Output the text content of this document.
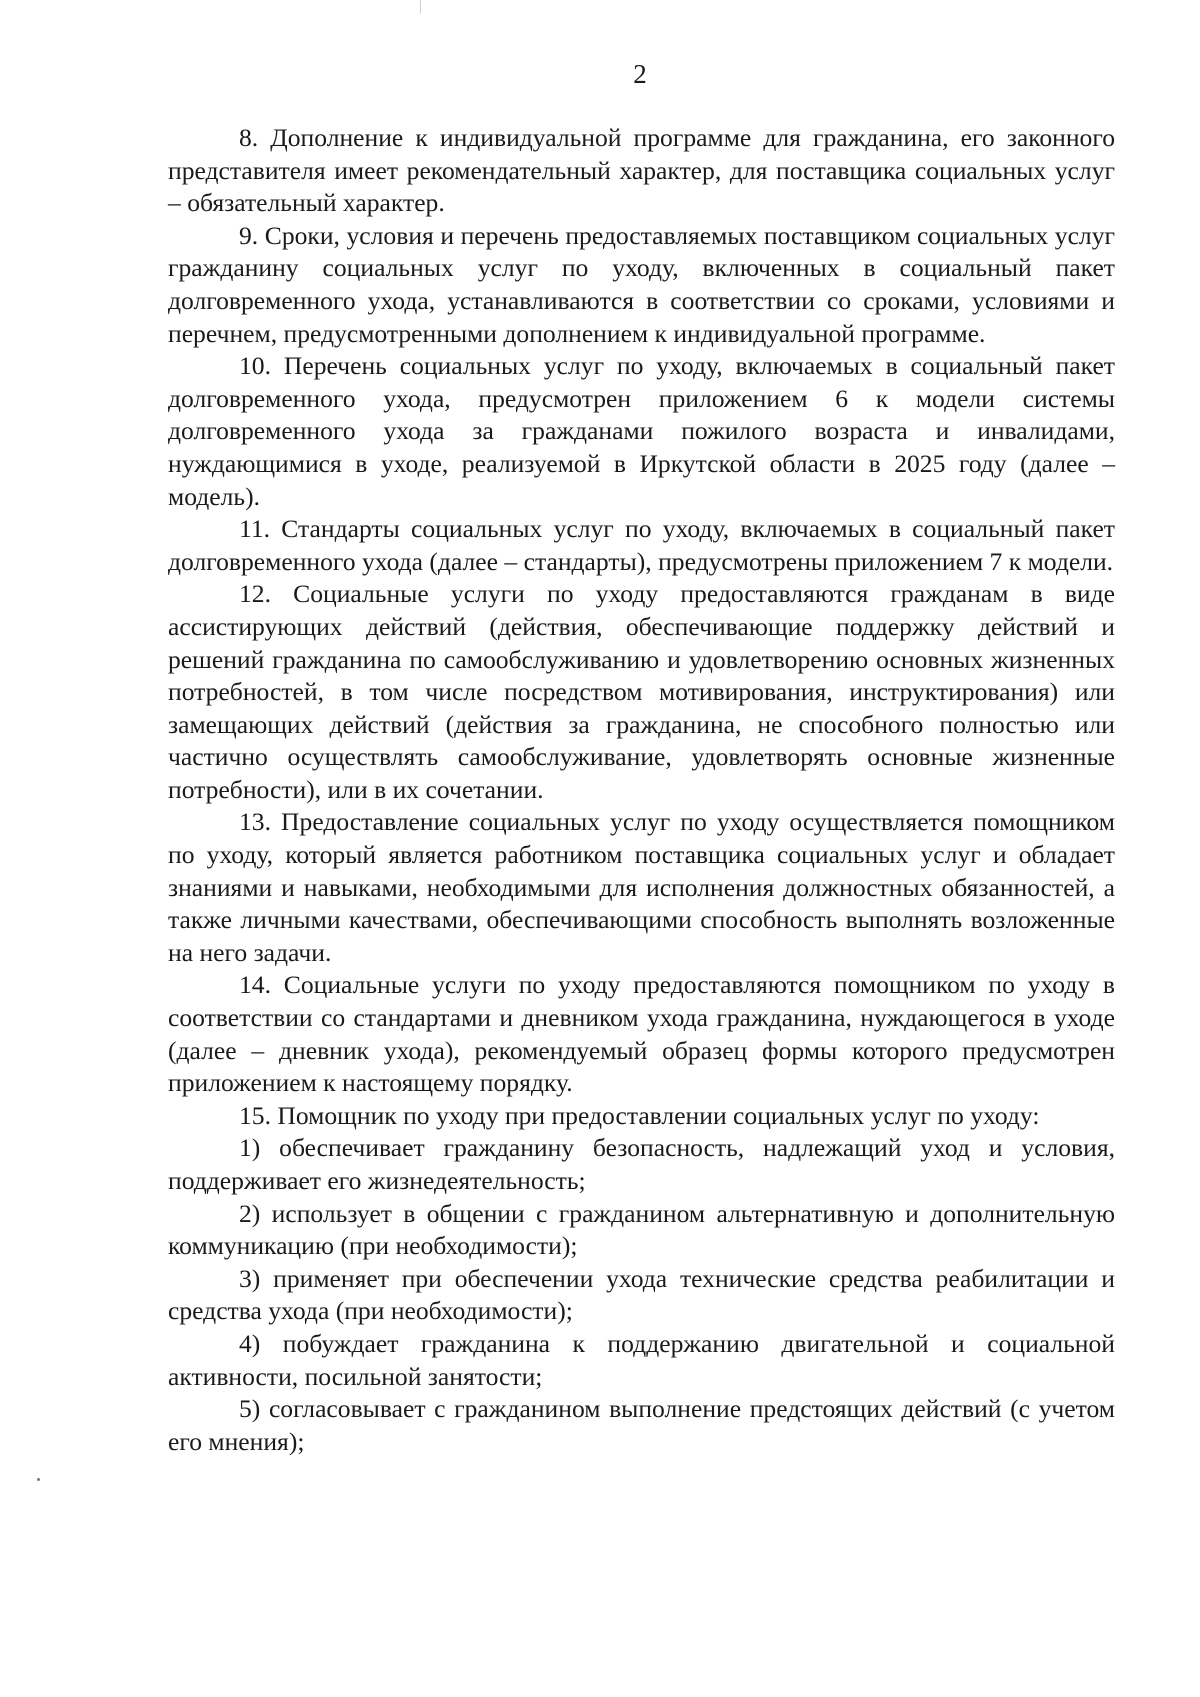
2

8. Дополнение к индивидуальной программе для гражданина, его законного представителя имеет рекомендательный характер, для поставщика социальных услуг – обязательный характер.

9. Сроки, условия и перечень предоставляемых поставщиком социальных услуг гражданину социальных услуг по уходу, включенных в социальный пакет долговременного ухода, устанавливаются в соответствии со сроками, условиями и перечнем, предусмотренными дополнением к индивидуальной программе.

10. Перечень социальных услуг по уходу, включаемых в социальный пакет долговременного ухода, предусмотрен приложением 6 к модели системы долговременного ухода за гражданами пожилого возраста и инвалидами, нуждающимися в уходе, реализуемой в Иркутской области в 2025 году (далее – модель).

11. Стандарты социальных услуг по уходу, включаемых в социальный пакет долговременного ухода (далее – стандарты), предусмотрены приложением 7 к модели.

12. Социальные услуги по уходу предоставляются гражданам в виде ассистирующих действий (действия, обеспечивающие поддержку действий и решений гражданина по самообслуживанию и удовлетворению основных жизненных потребностей, в том числе посредством мотивирования, инструктирования) или замещающих действий (действия за гражданина, не способного полностью или частично осуществлять самообслуживание, удовлетворять основные жизненные потребности), или в их сочетании.

13. Предоставление социальных услуг по уходу осуществляется помощником по уходу, который является работником поставщика социальных услуг и обладает знаниями и навыками, необходимыми для исполнения должностных обязанностей, а также личными качествами, обеспечивающими способность выполнять возложенные на него задачи.

14. Социальные услуги по уходу предоставляются помощником по уходу в соответствии со стандартами и дневником ухода гражданина, нуждающегося в уходе (далее – дневник ухода), рекомендуемый образец формы которого предусмотрен приложением к настоящему порядку.

15. Помощник по уходу при предоставлении социальных услуг по уходу:

1) обеспечивает гражданину безопасность, надлежащий уход и условия, поддерживает его жизнедеятельность;

2) использует в общении с гражданином альтернативную и дополнительную коммуникацию (при необходимости);

3) применяет при обеспечении ухода технические средства реабилитации и средства ухода (при необходимости);

4) побуждает гражданина к поддержанию двигательной и социальной активности, посильной занятости;

5) согласовывает с гражданином выполнение предстоящих действий (с учетом его мнения);
